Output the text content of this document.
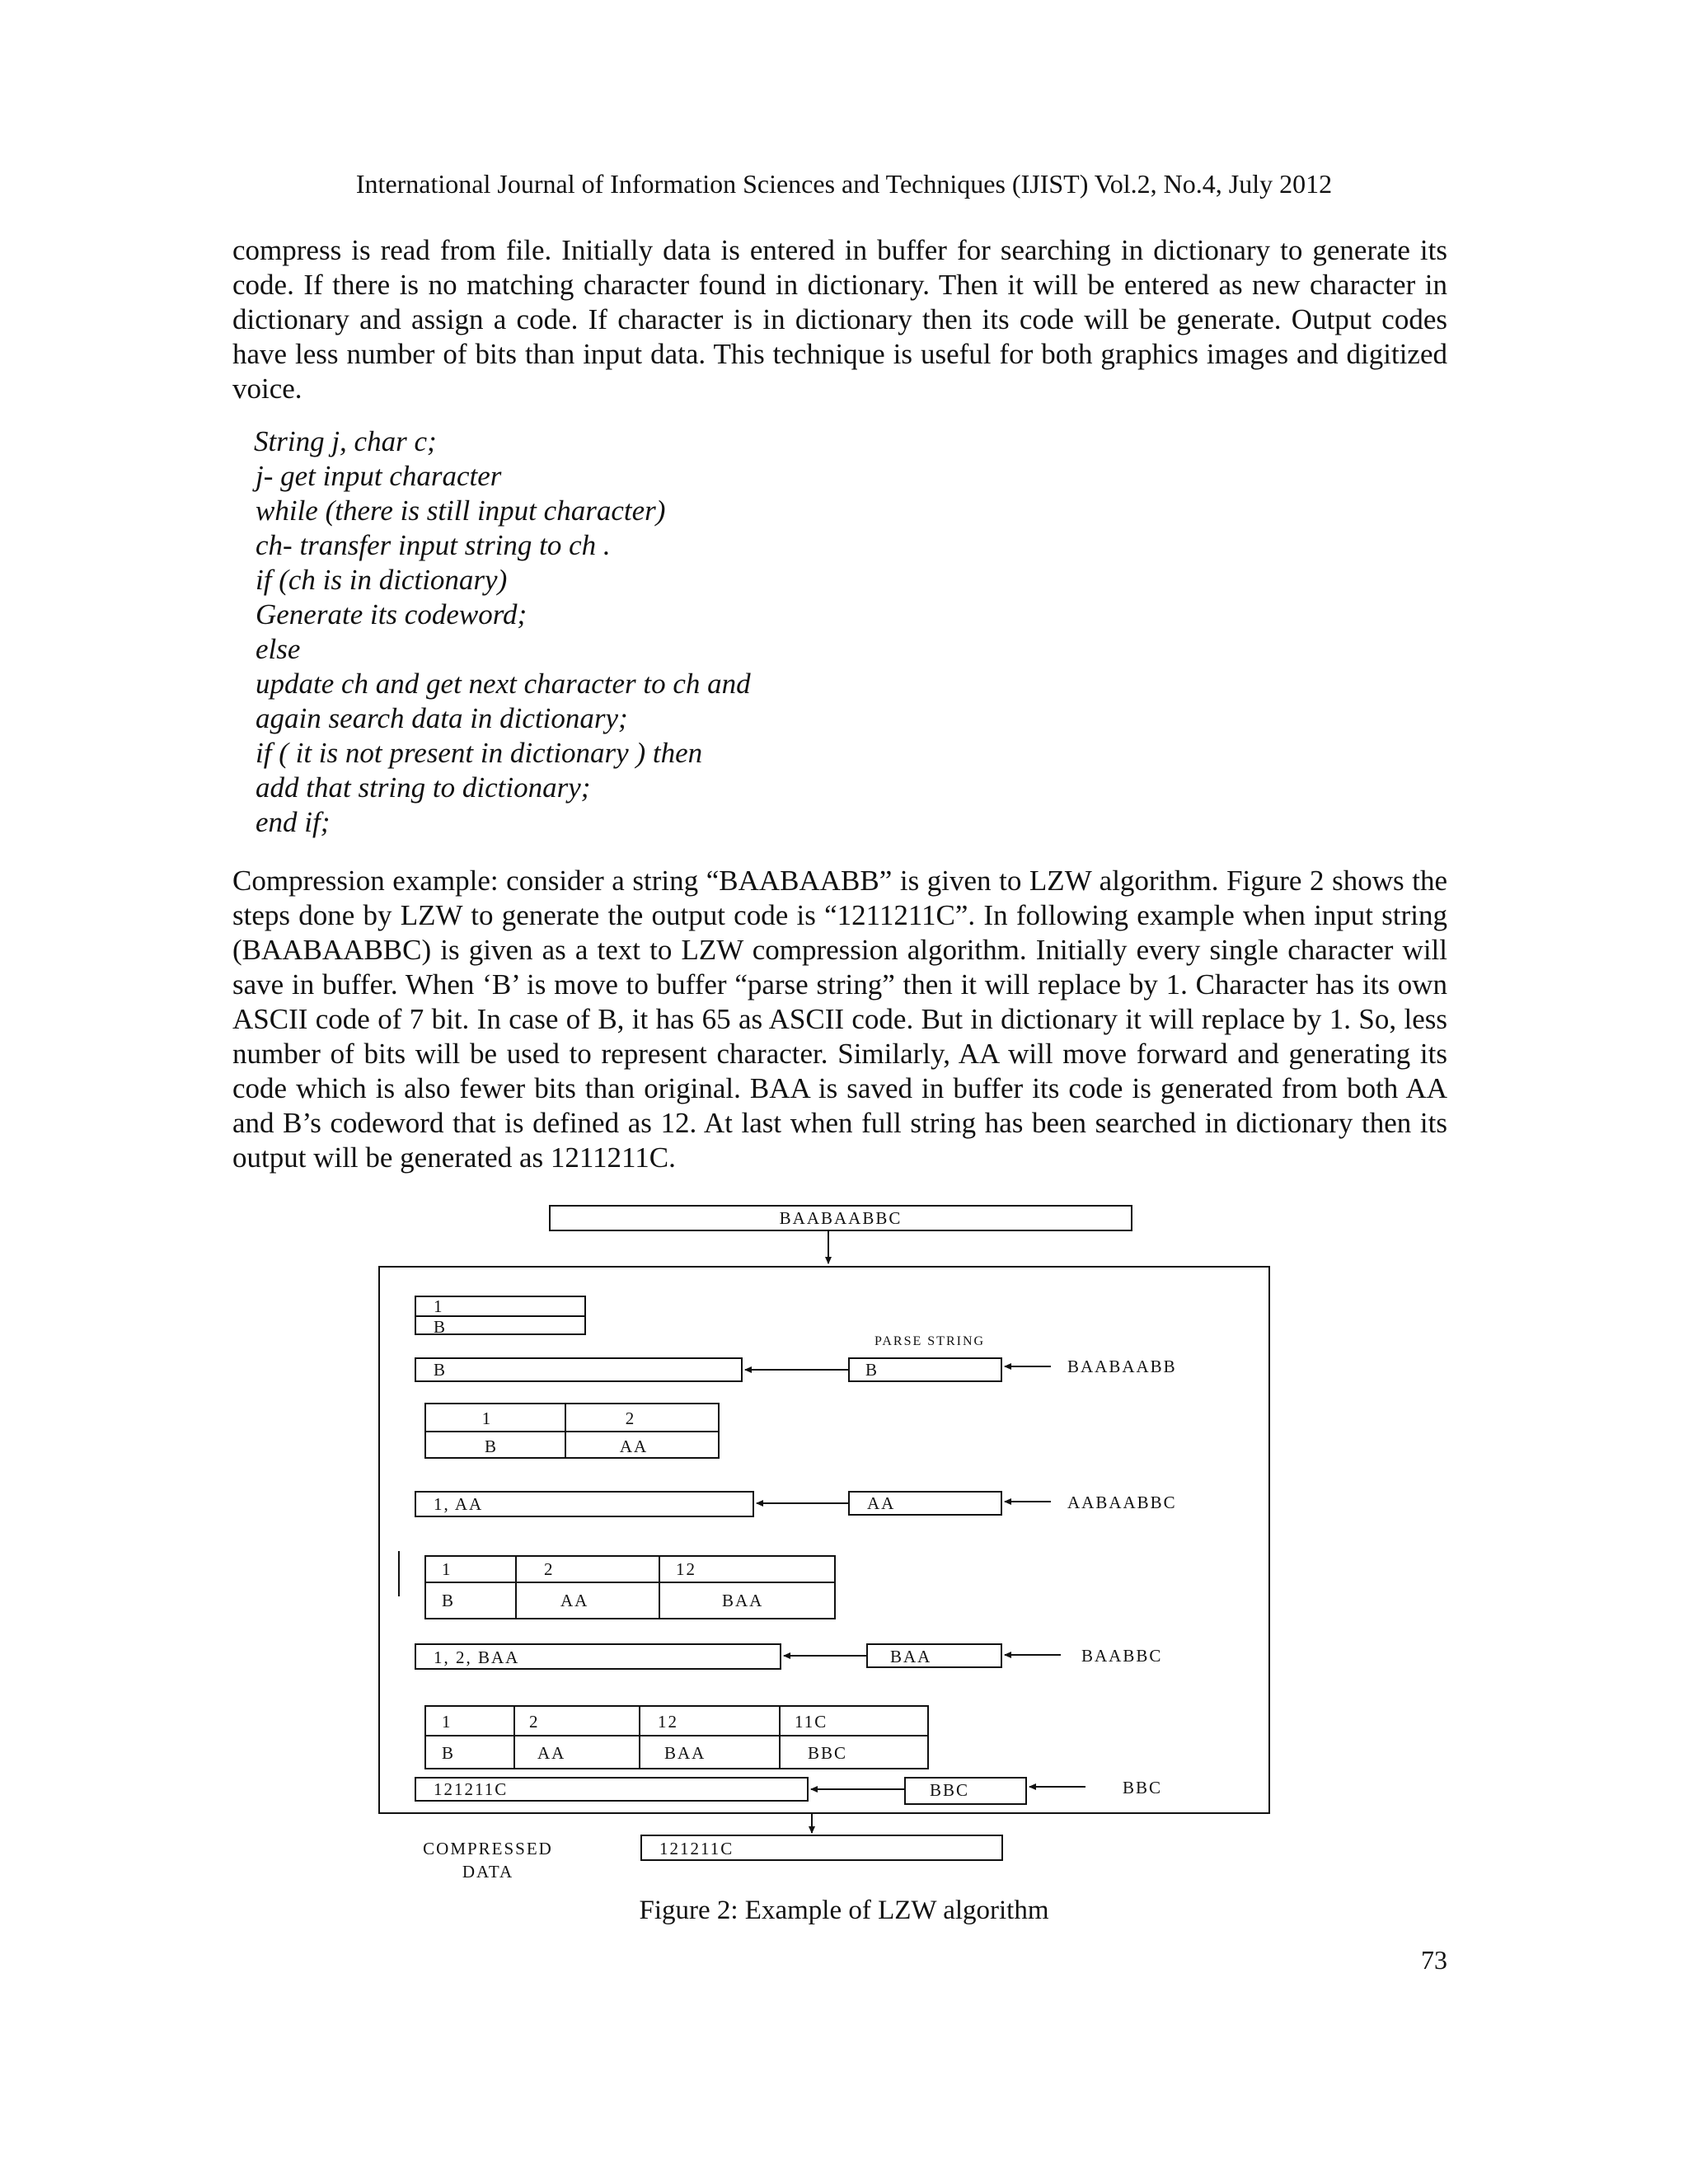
International Journal of Information Sciences and Techniques (IJIST) Vol.2, No.4, July 2012

compress is read from file. Initially data is entered in buffer for searching in dictionary to generate its code. If there is no matching character found in dictionary. Then it will be entered as new character in dictionary and assign a code. If character is in dictionary then its code will be generate. Output codes have less number of bits than input data. This technique is useful for both graphics images and digitized voice.

String j, char c;
j- get input character
while (there is still input character)
ch- transfer input string to ch .
if (ch is in dictionary)
Generate its codeword;
else
update ch and get next character to ch and
again search data in dictionary;
if ( it is not present in dictionary ) then
add that string to dictionary;
end if;

Compression example: consider a string “BAABAABB” is given to LZW algorithm. Figure 2 shows the steps done by LZW to generate the output code is “1211211C”. In following example when input string (BAABAABBC) is given as a text to LZW compression algorithm. Initially every single character will save in buffer. When ‘B’ is move to buffer “parse string” then it will replace by 1. Character has its own ASCII code of 7 bit. In case of B, it has 65 as ASCII code. But in dictionary it will replace by 1. So, less number of bits will be used to represent character. Similarly, AA will move forward and generating its code which is also fewer bits than original. BAA is saved in buffer its code is generated from both AA and B’s codeword that is defined as 12. At last when full string has been searched in dictionary then its output will be generated as 1211211C.

BAABAABBC
PARSE STRING
1
B
B	B	BAABAABB
1	2
B	AA
1, AA	AA	AABAABBC
1	2	12
B	AA	BAA
1, 2, BAA	BAA	BAABBC
1	2	12	11C
B	AA	BAA	BBC
121211C	BBC	BBC
COMPRESSED
DATA
121211C
Figure 2: Example of LZW algorithm
73
